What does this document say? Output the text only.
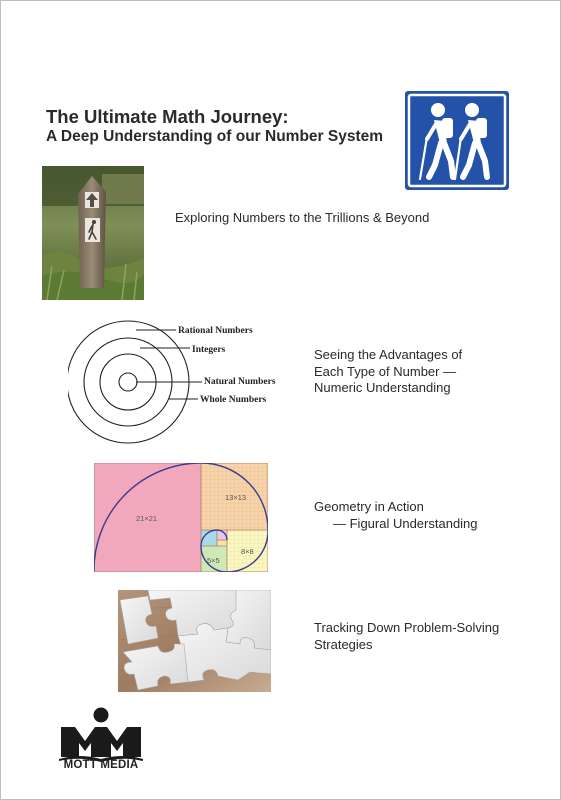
The Ultimate Math Journey:
A Deep Understanding of our Number System
Exploring Numbers to the Trillions & Beyond
Rational Numbers
Integers
Natural Numbers
Whole Numbers
Seeing the Advantages of
Each Type of Number —
Numeric Understanding
21×21
13×13
8×8
5×5
Geometry in Action
— Figural Understanding
Tracking Down Problem-Solving
Strategies
MOTT MEDIA
